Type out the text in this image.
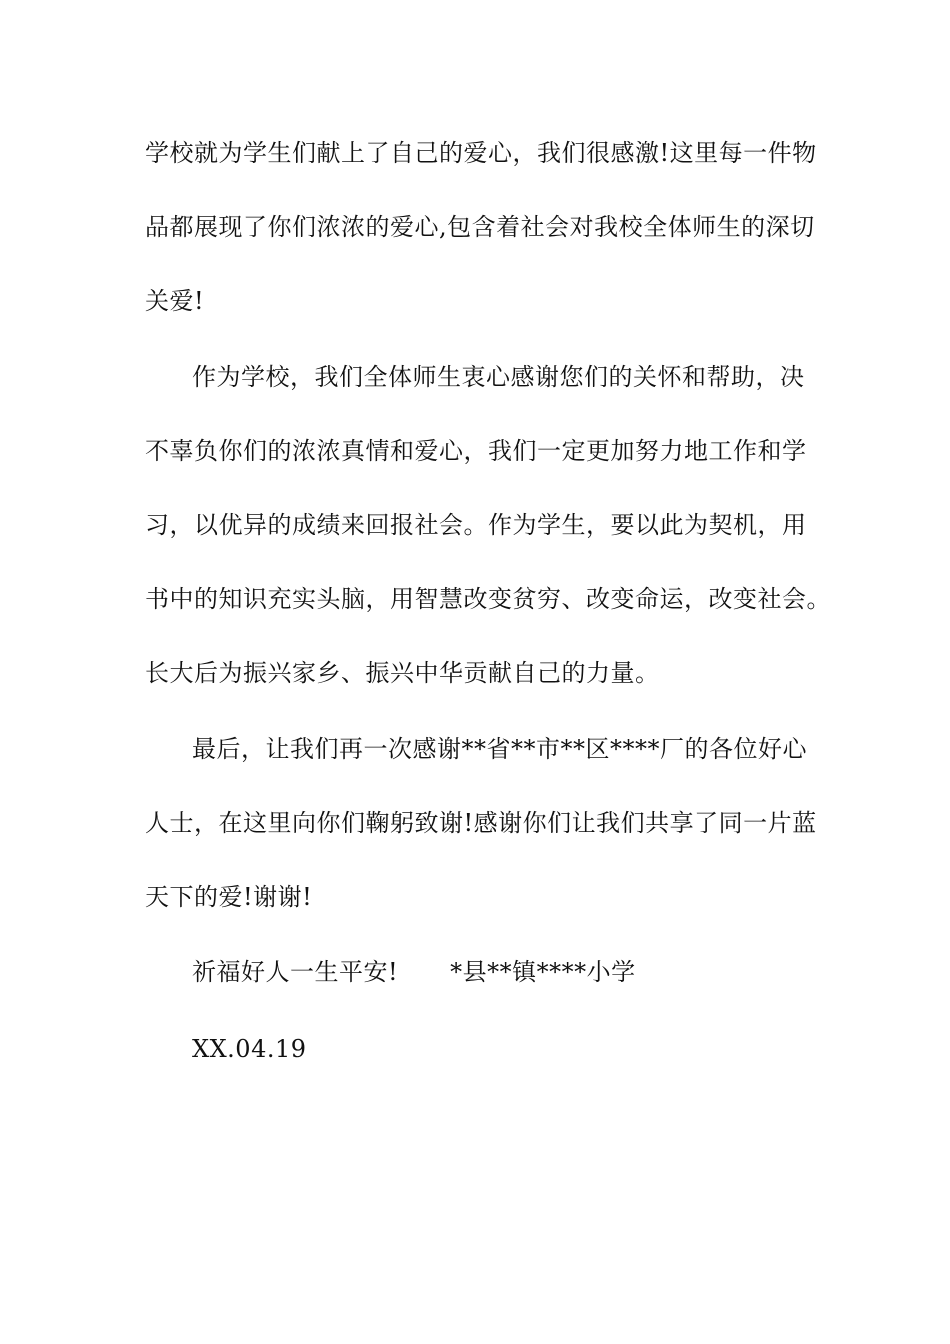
学校就为学生们献上了自己的爱心，我们很感激!这里每一件物
品都展现了你们浓浓的爱心,包含着社会对我校全体师生的深切
关爱!
作为学校，我们全体师生衷心感谢您们的关怀和帮助，决
不辜负你们的浓浓真情和爱心，我们一定更加努力地工作和学
习，以优异的成绩来回报社会。作为学生，要以此为契机，用
书中的知识充实头脑，用智慧改变贫穷、改变命运，改变社会。
长大后为振兴家乡、振兴中华贡献自己的力量。
最后，让我们再一次感谢**省**市**区****厂的各位好心
人士，在这里向你们鞠躬致谢!感谢你们让我们共享了同一片蓝
天下的爱!谢谢!
祈福好人一生平安! *县**镇****小学
XX.04.19
